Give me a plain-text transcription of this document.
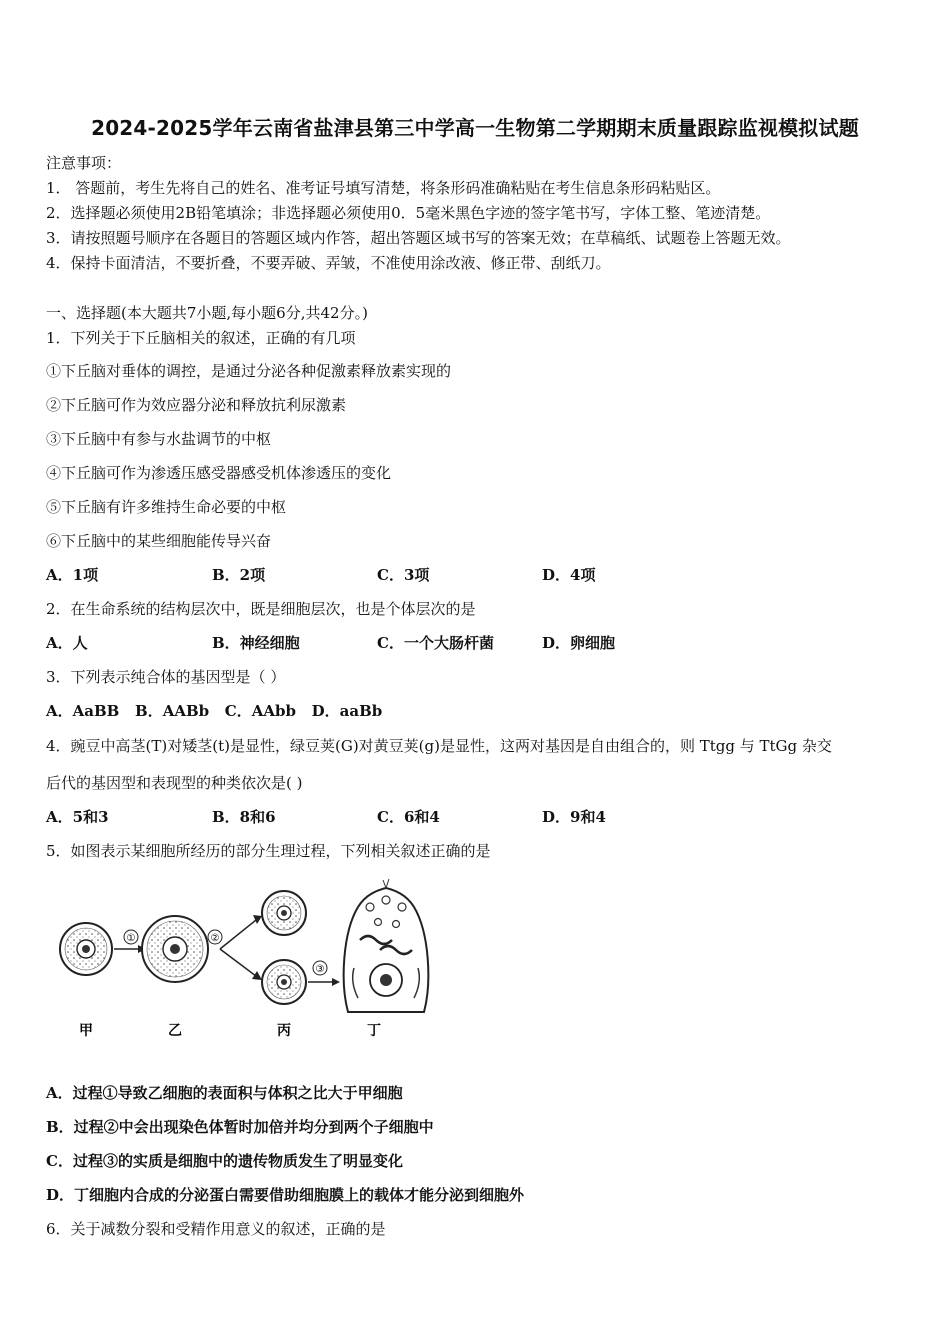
2024-2025学年云南省盐津县第三中学高一生物第二学期期末质量跟踪监视模拟试题
注意事项：
1． 答题前，考生先将自己的姓名、准考证号填写清楚，将条形码准确粘贴在考生信息条形码粘贴区。
2．选择题必须使用2B铅笔填涂；非选择题必须使用0．5毫米黑色字迹的签字笔书写，字体工整、笔迹清楚。
3．请按照题号顺序在各题目的答题区域内作答，超出答题区域书写的答案无效；在草稿纸、试题卷上答题无效。
4．保持卡面清洁，不要折叠，不要弄破、弄皱，不准使用涂改液、修正带、刮纸刀。
一、选择题(本大题共7小题,每小题6分,共42分。)
1．下列关于下丘脑相关的叙述，正确的有几项
①下丘脑对垂体的调控，是通过分泌各种促激素释放素实现的
②下丘脑可作为效应器分泌和释放抗利尿激素
③下丘脑中有参与水盐调节的中枢
④下丘脑可作为渗透压感受器感受机体渗透压的变化
⑤下丘脑有许多维持生命必要的中枢
⑥下丘脑中的某些细胞能传导兴奋
A．1项	B．2项	C．3项	D．4项
2．在生命系统的结构层次中，既是细胞层次，也是个体层次的是
A．人	B．神经细胞	C．一个大肠杆菌	D．卵细胞
3．下列表示纯合体的基因型是（ ）
A．AaBB   B．AABb   C．AAbb   D．aaBb
4．豌豆中高茎(T)对矮茎(t)是显性，绿豆荚(G)对黄豆荚(g)是显性，这两对基因是自由组合的，则 Ttgg 与 TtGg 杂交
后代的基因型和表现型的种类依次是( )
A．5和3	B．8和6	C．6和4	D．9和4
5．如图表示某细胞所经历的部分生理过程，下列相关叙述正确的是
①	②
③
甲	乙	丙	丁
A．过程①导致乙细胞的表面积与体积之比大于甲细胞
B．过程②中会出现染色体暂时加倍并均分到两个子细胞中
C．过程③的实质是细胞中的遗传物质发生了明显变化
D．丁细胞内合成的分泌蛋白需要借助细胞膜上的载体才能分泌到细胞外
6．关于减数分裂和受精作用意义的叙述，正确的是
